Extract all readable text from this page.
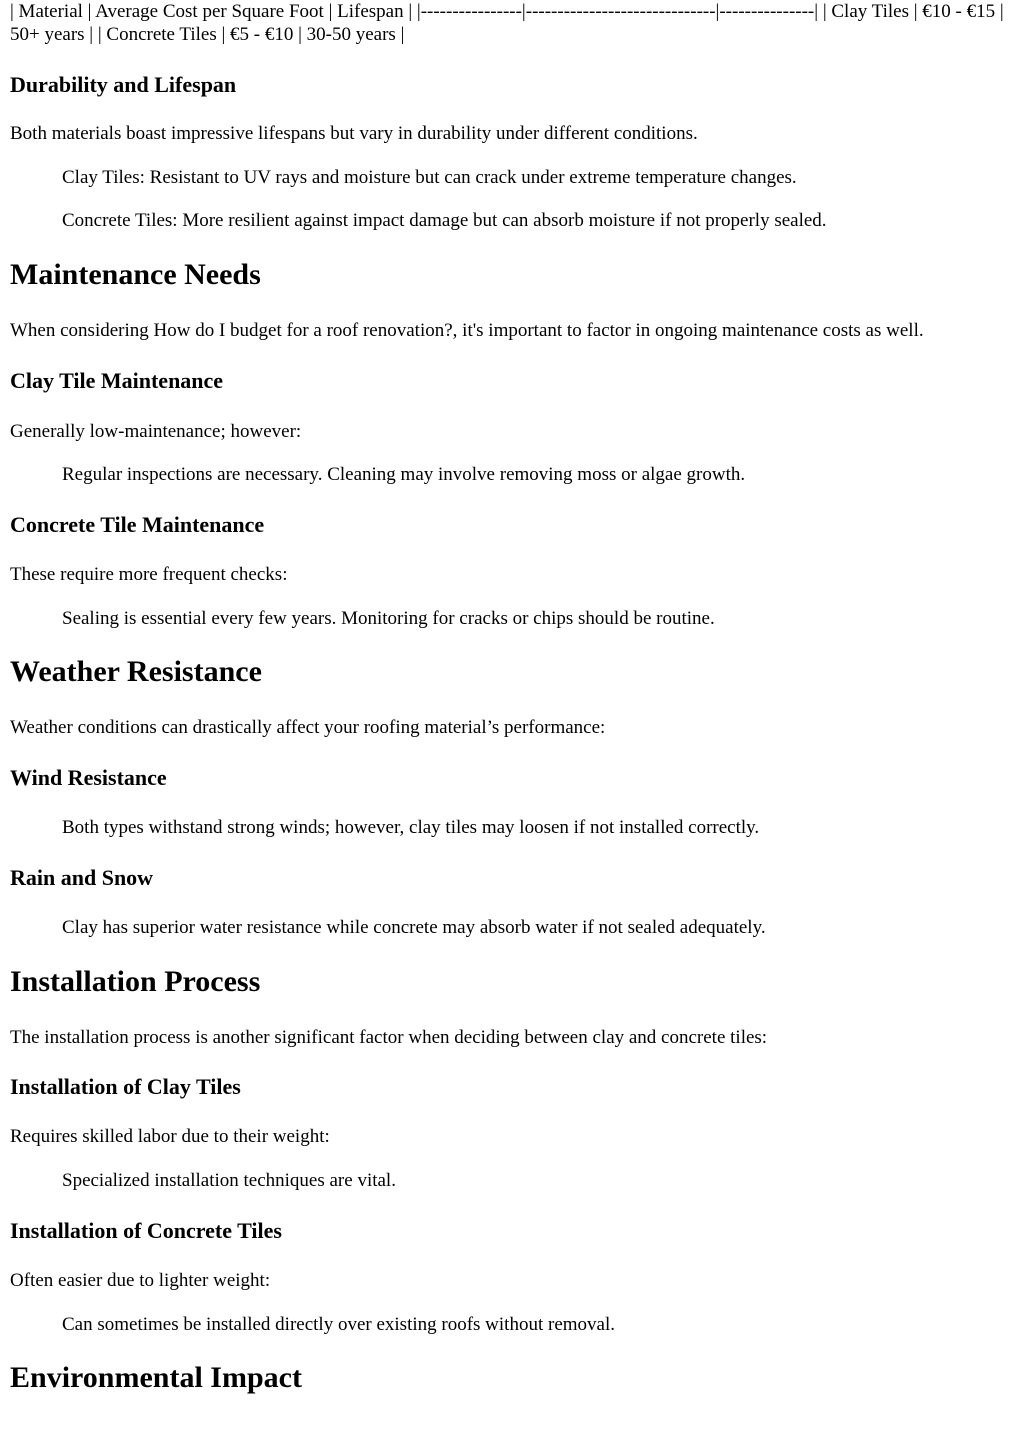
| Material | Average Cost per Square Foot | Lifespan | |----------------|------------------------------|---------------| | Clay Tiles | €10 - €15 | 50+ years | | Concrete Tiles | €5 - €10 | 30-50 years |

Durability and Lifespan

Both materials boast impressive lifespans but vary in durability under different conditions.

Clay Tiles: Resistant to UV rays and moisture but can crack under extreme temperature changes.

Concrete Tiles: More resilient against impact damage but can absorb moisture if not properly sealed.

Maintenance Needs

When considering How do I budget for a roof renovation?, it's important to factor in ongoing maintenance costs as well.

Clay Tile Maintenance

Generally low-maintenance; however:

Regular inspections are necessary. Cleaning may involve removing moss or algae growth.

Concrete Tile Maintenance

These require more frequent checks:

Sealing is essential every few years. Monitoring for cracks or chips should be routine.

Weather Resistance

Weather conditions can drastically affect your roofing material’s performance:

Wind Resistance

Both types withstand strong winds; however, clay tiles may loosen if not installed correctly.

Rain and Snow

Clay has superior water resistance while concrete may absorb water if not sealed adequately.

Installation Process

The installation process is another significant factor when deciding between clay and concrete tiles:

Installation of Clay Tiles

Requires skilled labor due to their weight:

Specialized installation techniques are vital.

Installation of Concrete Tiles

Often easier due to lighter weight:

Can sometimes be installed directly over existing roofs without removal.

Environmental Impact
